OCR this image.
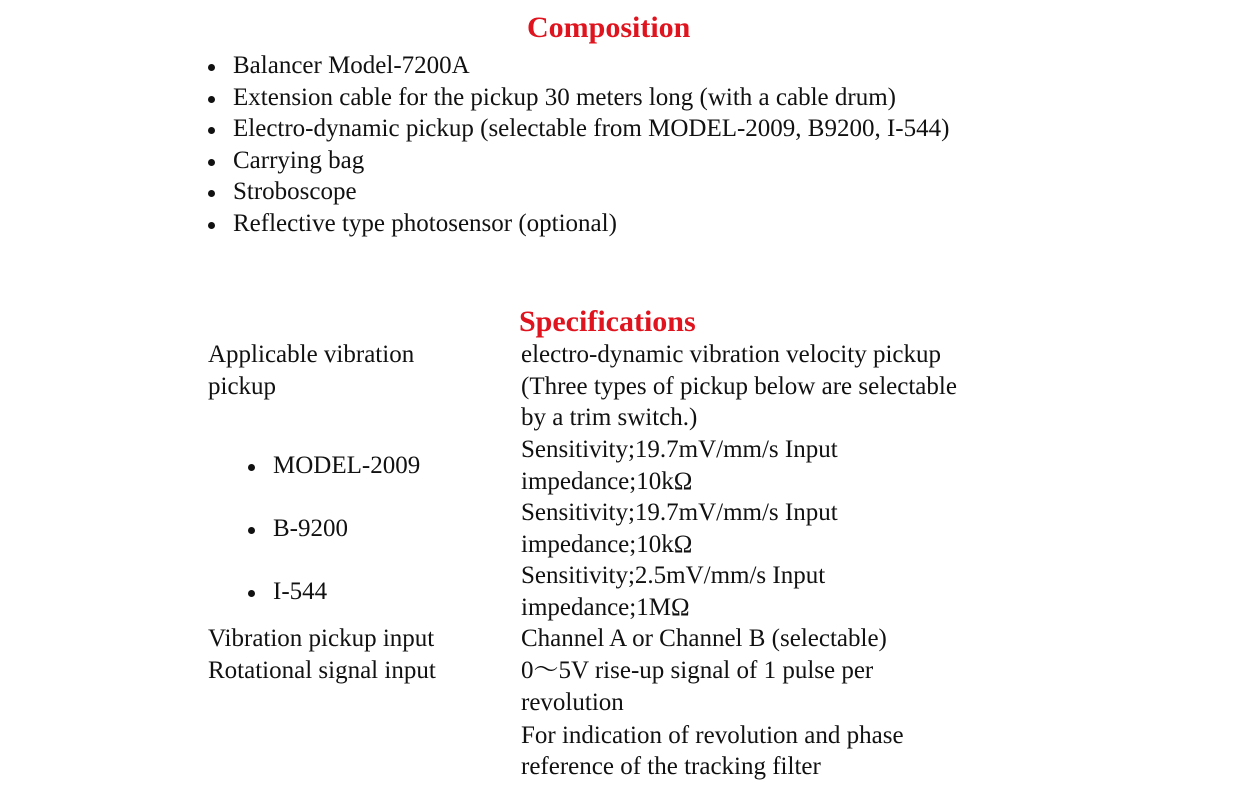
Composition
Balancer Model-7200A
Extension cable for the pickup 30 meters long (with a cable drum)
Electro-dynamic pickup (selectable from MODEL-2009, B9200, I-544)
Carrying bag
Stroboscope
Reflective type photosensor (optional)
Specifications
Applicable vibration
pickup
electro-dynamic vibration velocity pickup
(Three types of pickup below are selectable
by a trim switch.)
MODEL-2009
Sensitivity;19.7mV/mm/s Input
impedance;10kΩ
B-9200
Sensitivity;19.7mV/mm/s Input
impedance;10kΩ
I-544
Sensitivity;2.5mV/mm/s Input
impedance;1MΩ
Vibration pickup input	Channel A or Channel B (selectable)
Rotational signal input	0～5V rise-up signal of 1 pulse per
revolution
For indication of revolution and phase
reference of the tracking filter
